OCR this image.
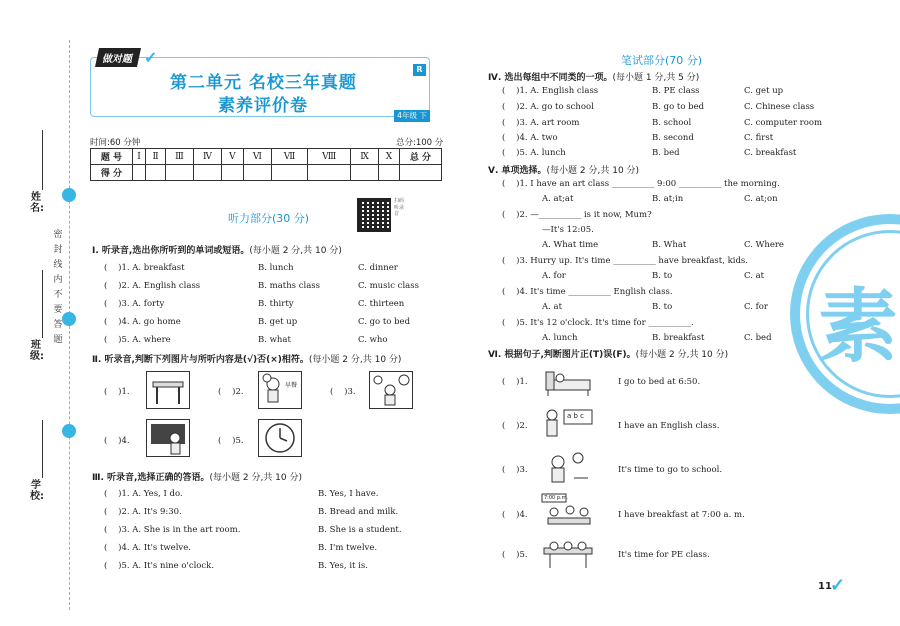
姓名:
班级:
学校:
密封线内不要答题
做对题 ✓
第二单元 名校三年真题
素养评价卷
R
4年级 下
时间:60 分钟	总分:100 分
题 号	Ⅰ	Ⅱ	Ⅲ	Ⅳ	Ⅴ	Ⅵ	Ⅶ	Ⅷ	Ⅸ	Ⅹ	总 分
得 分											
听力部分(30 分)
扫码听录音
Ⅰ. 听录音,选出你所听到的单词或短语。(每小题 2 分,共 10 分)
(    )1. A. breakfast	B. lunch	C. dinner
(    )2. A. English class	B. maths class	C. music class
(    )3. A. forty	B. thirty	C. thirteen
(    )4. A. go home	B. get up	C. go to bed
(    )5. A. where	B. what	C. who
Ⅱ. 听录音,判断下列图片与所听内容是(√)否(×)相符。(每小题 2 分,共 10 分)
(    )1.	(    )2.
早餐
(    )3.
(    )4.	(    )5.
Ⅲ. 听录音,选择正确的答语。(每小题 2 分,共 10 分)
(    )1. A. Yes, I do.	B. Yes, I have.
(    )2. A. It's 9:30.	B. Bread and milk.
(    )3. A. She is in the art room.	B. She is a student.
(    )4. A. It's twelve.	B. I'm twelve.
(    )5. A. It's nine o'clock.	B. Yes, it is.
素
笔试部分(70 分)
Ⅳ. 选出每组中不同类的一项。(每小题 1 分,共 5 分)
(    )1. A. English class	B. PE class	C. get up
(    )2. A. go to school	B. go to bed	C. Chinese class
(    )3. A. art room	B. school	C. computer room
(    )4. A. two	B. second	C. first
(    )5. A. lunch	B. bed	C. breakfast
Ⅴ. 单项选择。(每小题 2 分,共 10 分)
(    )1. I have an art class __________ 9:00 __________ the morning.
A. at;at	B. at;in	C. at;on
(    )2. —__________ is it now, Mum?
—It's 12:05.
A. What time	B. What	C. Where
(    )3. Hurry up. It's time __________ have breakfast, kids.
A. for	B. to	C. at
(    )4. It's time __________ English class.
A. at	B. to	C. for
(    )5. It's 12 o'clock. It's time for __________.
A. lunch	B. breakfast	C. bed
Ⅵ. 根据句子,判断图片正(T)误(F)。(每小题 2 分,共 10 分)
(    )1.	I go to bed at 6:50.
(    )2.
a b c
I have an English class.
(    )3.	It's time to go to school.
(    )4.
7:00 p.m.
I have breakfast at 7:00 a. m.
(    )5.	It's time for PE class.
11
✓
